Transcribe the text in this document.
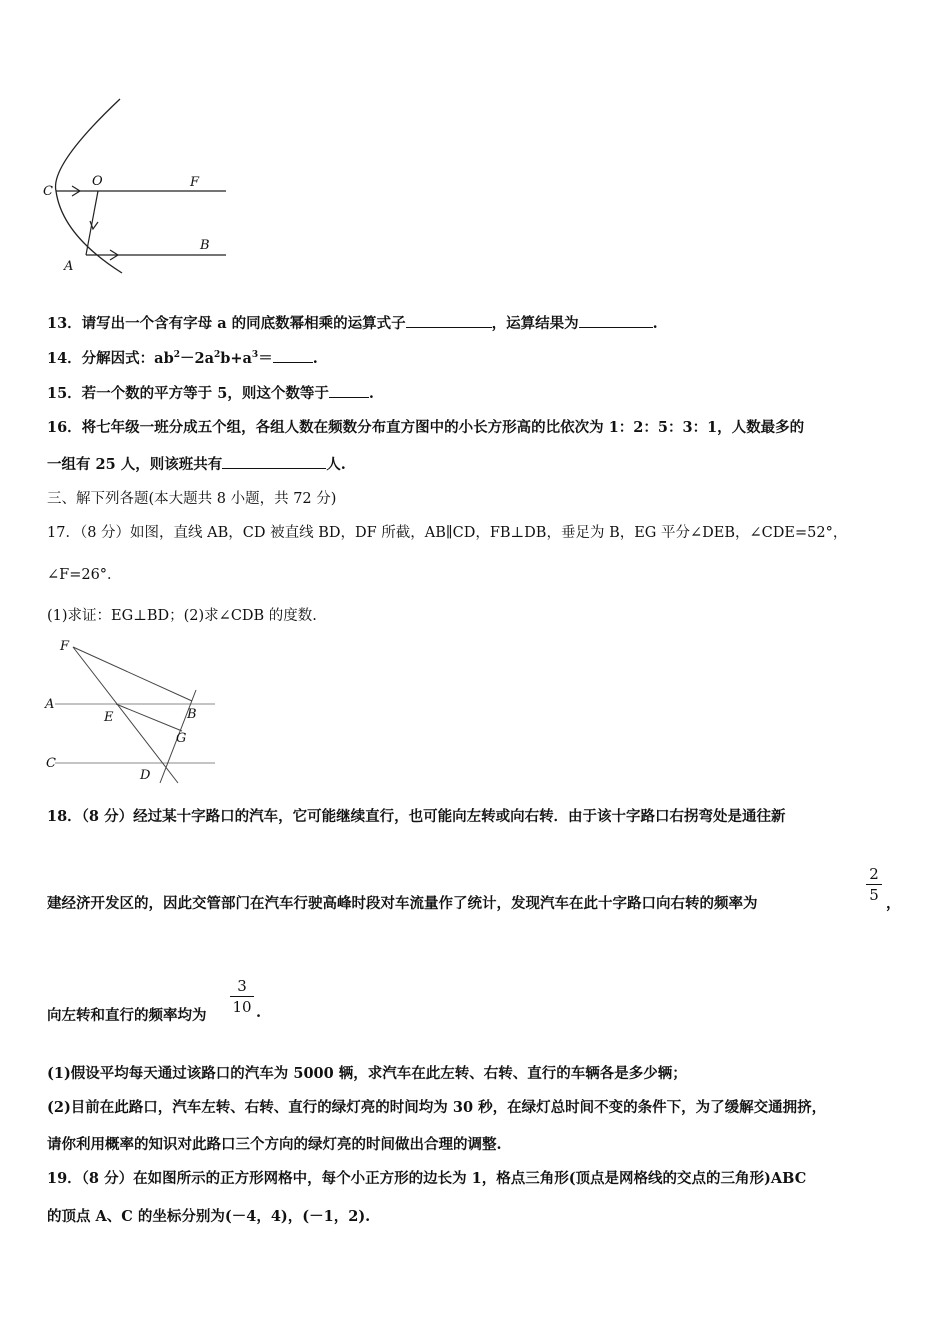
C
O	F
B
A
13．请写出一个含有字母 a 的同底数幂相乘的运算式子	，运算结果为	.
14．分解因式：$ab^2-2a^2b+a^3=$	.
15．若一个数的平方等于 5，则这个数等于	.
16．将七年级一班分成五个组，各组人数在频数分布直方图中的小长方形高的比依次为 1：2：5：3：1，人数最多的
一组有 25 人，则该班共有	人.
三、解下列各题(本大题共 8 小题，共 72 分)
17．（8 分）如图，直线 AB，CD 被直线 BD，DF 所截，AB∥CD，FB⊥DB，垂足为 B，EG 平分∠DEB，∠CDE=52°，
∠F=26°．
(1)求证：EG⊥BD；(2)求∠CDB 的度数.
F
A
E	B
G
C
D
18．（8 分）经过某十字路口的汽车，它可能继续直行，也可能向左转或向右转．由于该十字路口右拐弯处是通往新
建经济开发区的，因此交管部门在汽车行驶高峰时段对车流量作了统计，发现汽车在此十字路口向右转的频率为
2
5 ，
向左转和直行的频率均为
3
10 .
(1)假设平均每天通过该路口的汽车为 5000 辆，求汽车在此左转、右转、直行的车辆各是多少辆；
(2)目前在此路口，汽车左转、右转、直行的绿灯亮的时间均为 30 秒，在绿灯总时间不变的条件下，为了缓解交通拥挤，
请你利用概率的知识对此路口三个方向的绿灯亮的时间做出合理的调整.
19．（8 分）在如图所示的正方形网格中，每个小正方形的边长为 1，格点三角形(顶点是网格线的交点的三角形)ABC
的顶点 A、C 的坐标分别为(－4，4)，(－1，2).
